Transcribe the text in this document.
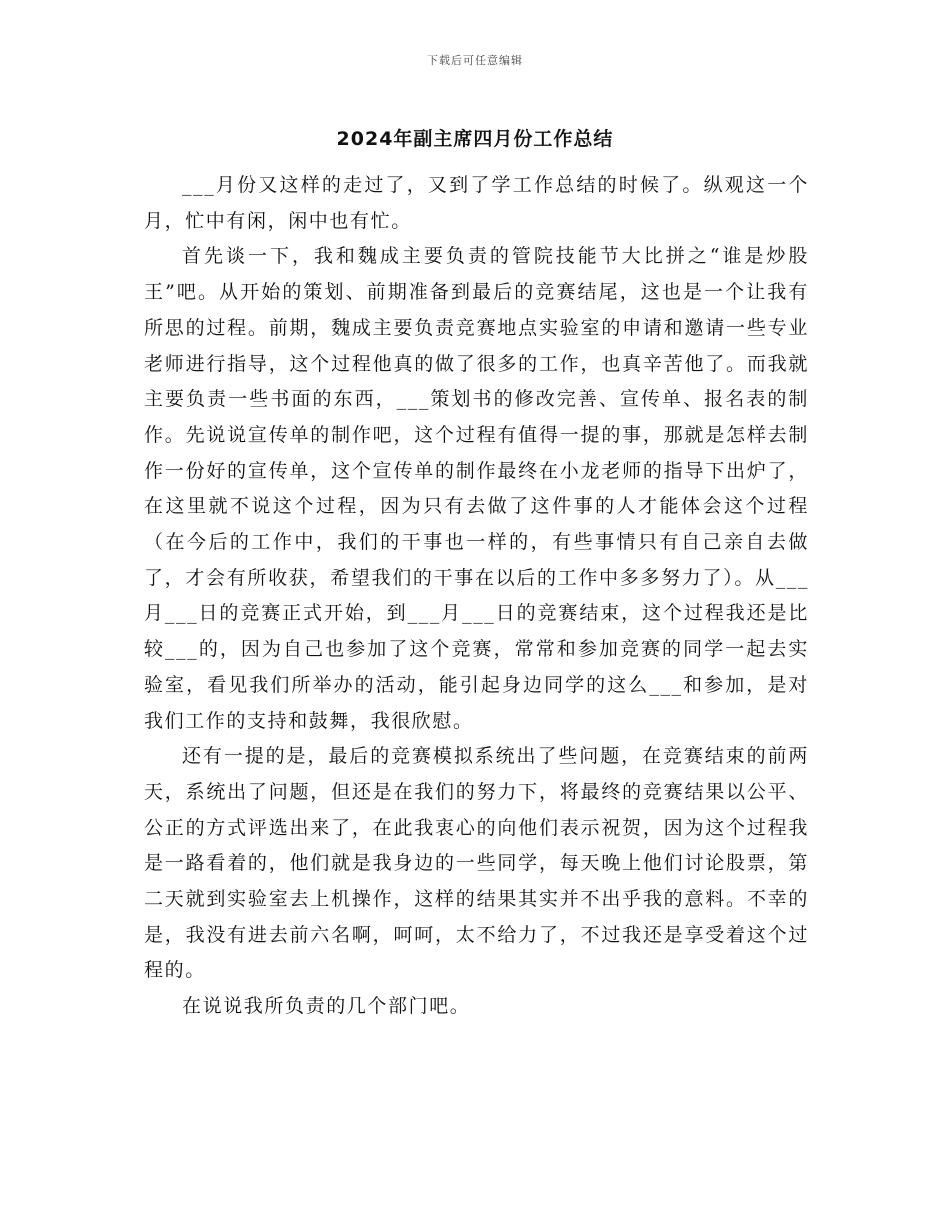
下载后可任意编辑
2024年副主席四月份工作总结

___月份又这样的走过了，又到了学工作总结的时候了。纵观这一个月，忙中有闲，闲中也有忙。

首先谈一下，我和魏成主要负责的管院技能节大比拼之“谁是炒股王”吧。从开始的策划、前期准备到最后的竞赛结尾，这也是一个让我有所思的过程。前期，魏成主要负责竞赛地点实验室的申请和邀请一些专业老师进行指导，这个过程他真的做了很多的工作，也真辛苦他了。而我就主要负责一些书面的东西，___策划书的修改完善、宣传单、报名表的制作。先说说宣传单的制作吧，这个过程有值得一提的事，那就是怎样去制作一份好的宣传单，这个宣传单的制作最终在小龙老师的指导下出炉了，在这里就不说这个过程，因为只有去做了这件事的人才能体会这个过程（在今后的工作中，我们的干事也一样的，有些事情只有自己亲自去做了，才会有所收获，希望我们的干事在以后的工作中多多努力了）。从___月___日的竞赛正式开始，到___月___日的竞赛结束，这个过程我还是比较___的，因为自己也参加了这个竞赛，常常和参加竞赛的同学一起去实验室，看见我们所举办的活动，能引起身边同学的这么___和参加，是对我们工作的支持和鼓舞，我很欣慰。

还有一提的是，最后的竞赛模拟系统出了些问题，在竞赛结束的前两天，系统出了问题，但还是在我们的努力下，将最终的竞赛结果以公平、公正的方式评选出来了，在此我衷心的向他们表示祝贺，因为这个过程我是一路看着的，他们就是我身边的一些同学，每天晚上他们讨论股票，第二天就到实验室去上机操作，这样的结果其实并不出乎我的意料。不幸的是，我没有进去前六名啊，呵呵，太不给力了，不过我还是享受着这个过程的。

在说说我所负责的几个部门吧。
